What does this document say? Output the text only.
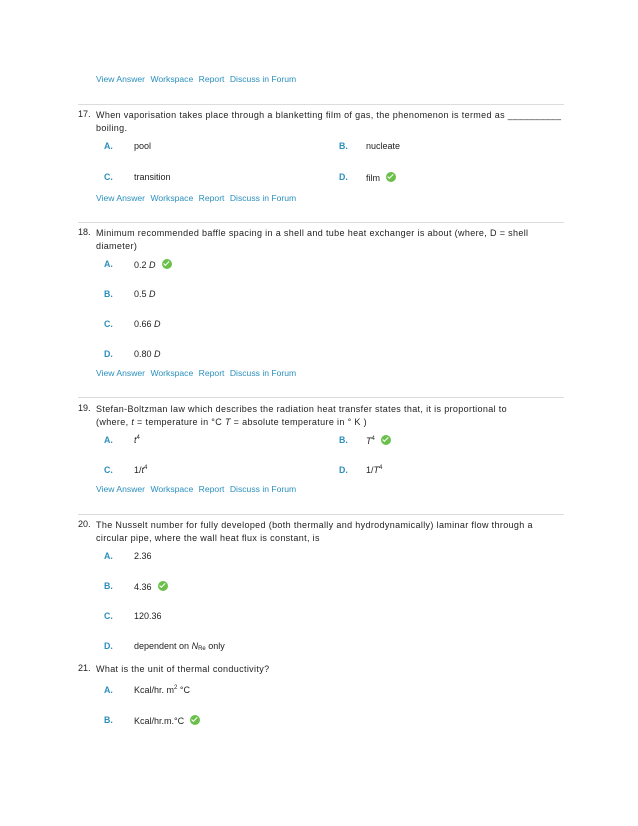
View Answer Workspace Report Discuss in Forum
17. When vaporisation takes place through a blanketting film of gas, the phenomenon is termed as __________ boiling.
A. pool	B. nucleate
C. transition	D. film
View Answer Workspace Report Discuss in Forum
18. Minimum recommended baffle spacing in a shell and tube heat exchanger is about (where, D = shell diameter)
A. 0.2 D
B. 0.5 D
C. 0.66 D
D. 0.80 D
View Answer Workspace Report Discuss in Forum
19. Stefan-Boltzman law which describes the radiation heat transfer states that, it is proportional to
(where, t = temperature in °C T = absolute temperature in ° K )
A. $t^4$	B. $T^4$
C. $1/t^4$	D. $1/T^4$
View Answer Workspace Report Discuss in Forum
20. The Nusselt number for fully developed (both thermally and hydrodynamically) laminar flow through a circular pipe, where the wall heat flux is constant, is
A. 2.36
B. 4.36
C. 120.36
D. dependent on $N_{Re}$ only
21. What is the unit of thermal conductivity?
A. Kcal/hr. $m^2$ °C
B. Kcal/hr.m.°C
